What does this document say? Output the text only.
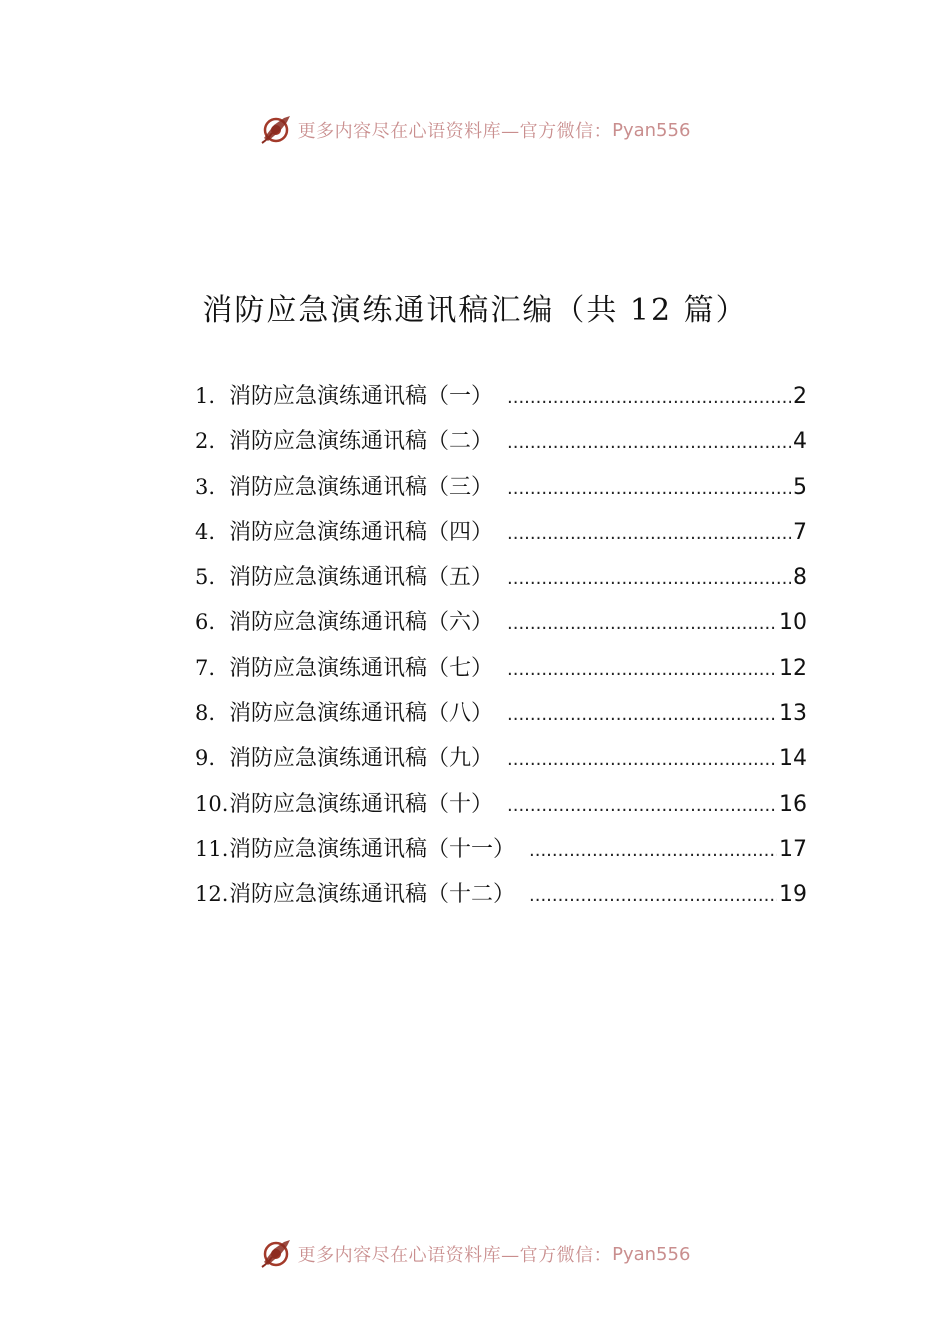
更多内容尽在心语资料库—官方微信： Pyan556
消防应急演练通讯稿汇编（共 12 篇）
1. 消防应急演练通讯稿（一） .....	2
2. 消防应急演练通讯稿（二） .....	4
3. 消防应急演练通讯稿（三） .....	5
4. 消防应急演练通讯稿（四） .....	7
5. 消防应急演练通讯稿（五） .....	8
6. 消防应急演练通讯稿（六） .....	10
7. 消防应急演练通讯稿（七） .....	12
8. 消防应急演练通讯稿（八） .....	13
9. 消防应急演练通讯稿（九） .....	14
10. 消防应急演练通讯稿（十） .....	16
11. 消防应急演练通讯稿（十一） .....	17
12. 消防应急演练通讯稿（十二） .....	19
更多内容尽在心语资料库—官方微信： Pyan556
